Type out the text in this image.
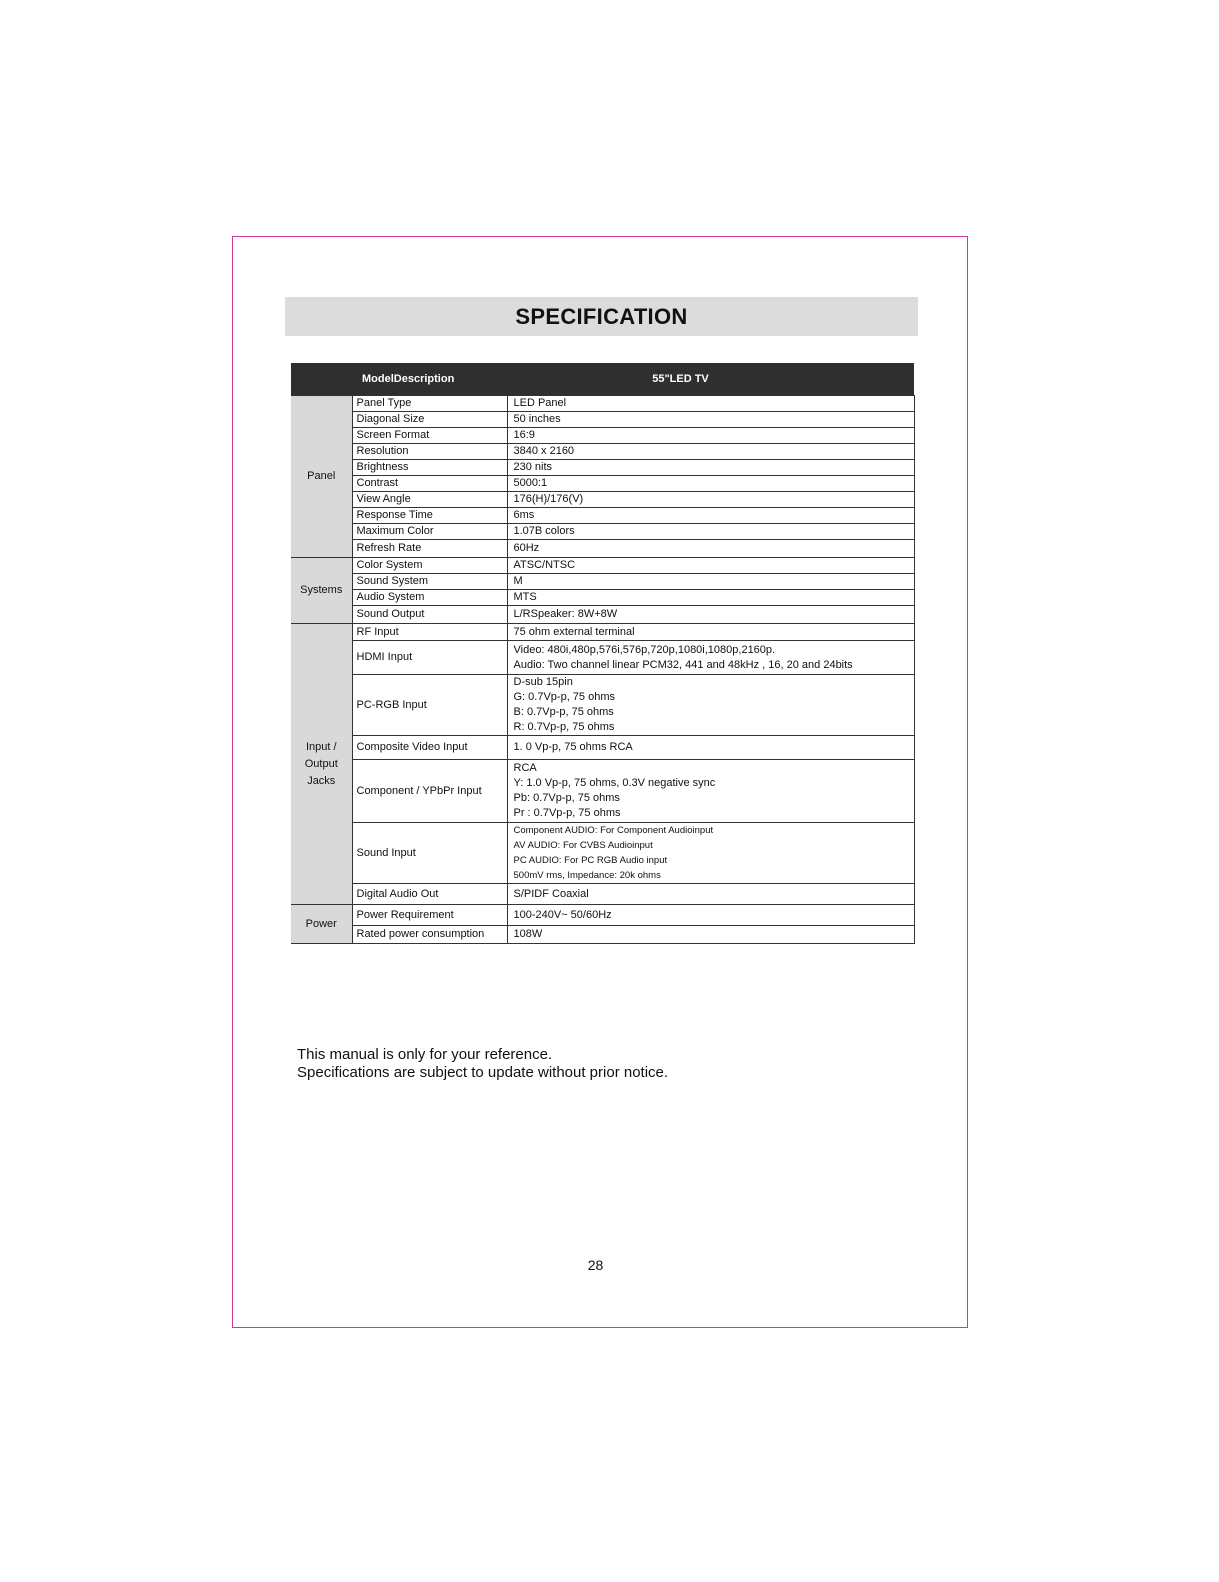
SPECIFICATION
	ModelDescription	55"LED TV
Panel	Panel Type	LED Panel
	Diagonal Size	50 inches
	Screen Format	16:9
	Resolution	3840 x 2160
	Brightness	230 nits
	Contrast	5000:1
	View Angle	176(H)/176(V)
	Response Time	6ms
	Maximum Color	1.07B colors
	Refresh Rate	60Hz
Systems	Color System	ATSC/NTSC
	Sound System	M
	Audio System	MTS
	Sound Output	L/RSpeaker: 8W+8W

Input /
Output
Jacks	RF Input	75 ohm external terminal

	HDMI Input	Video: 480i,480p,576i,576p,720p,1080i,1080p,2160p.
Audio: Two channel linear PCM32, 441 and 48kHz , 16, 20 and 24bits

	PC-RGB Input	D-sub 15pin
G: 0.7Vp-p, 75 ohms
B: 0.7Vp-p, 75 ohms
R: 0.7Vp-p, 75 ohms

	Composite Video Input	1. 0 Vp-p, 75 ohms RCA

	Component / YPbPr Input	RCA
Y: 1.0 Vp-p, 75 ohms, 0.3V negative sync
Pb: 0.7Vp-p, 75 ohms
Pr : 0.7Vp-p, 75 ohms

	Sound Input	Component AUDIO: For Component Audioinput
AV AUDIO: For CVBS Audioinput
PC AUDIO: For PC RGB Audio input
500mV rms, Impedance: 20k ohms

	Digital Audio Out	S/PIDF Coaxial

Power	Power Requirement	100-240V~ 50/60Hz
	Rated power consumption	108W
This manual is only for your reference.
Specifications are subject to update without prior notice.
28
